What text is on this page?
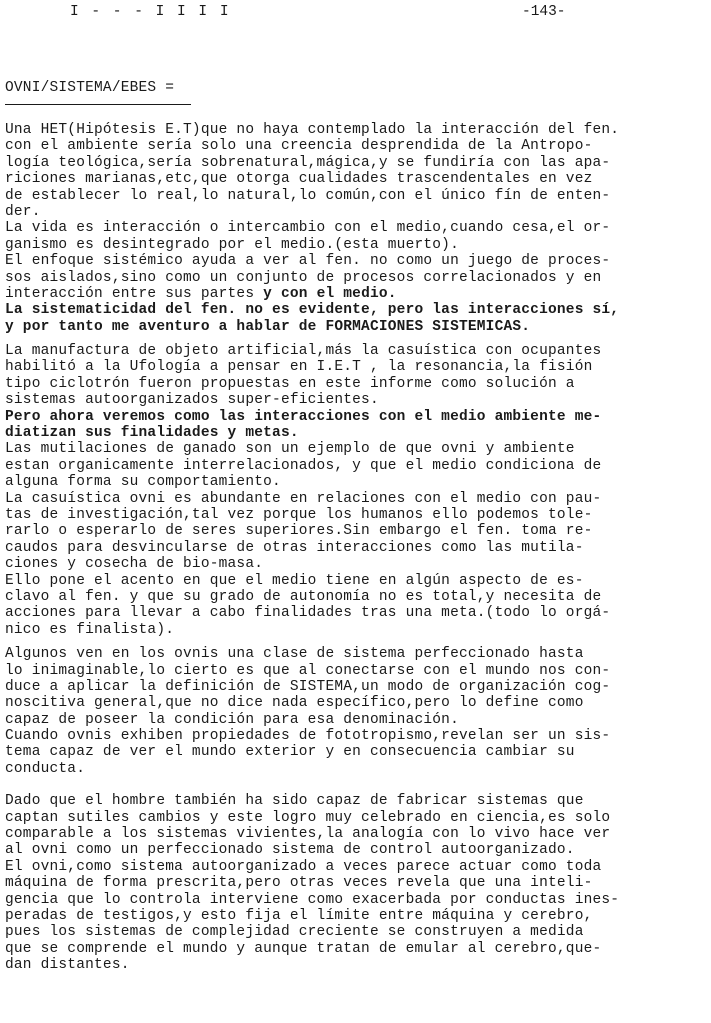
I - - - I I I I	-143-
OVNI/SISTEMA/EBES =
Una HET(Hipótesis E.T)que no haya contemplado la interacción del fen.
con el ambiente sería solo una creencia desprendida de la Antropo-
logía teológica,sería sobrenatural,mágica,y se fundiría con las apa-
riciones marianas,etc,que otorga cualidades trascendentales en vez
de establecer lo real,lo natural,lo común,con el único fín de enten-
der.
La vida es interacción o intercambio con el medio,cuando cesa,el or-
ganismo es desintegrado por el medio.(esta muerto).
El enfoque sistémico ayuda a ver al fen. no como un juego de proces-
sos aislados,sino como un conjunto de procesos correlacionados y en
interacción entre sus partes y con el medio.
La sistematicidad del fen. no es evidente, pero las interacciones sí,
y por tanto me aventuro a hablar de FORMACIONES SISTEMICAS.
La manufactura de objeto artificial,más la casuística con ocupantes
habilitó a la Ufología a pensar en I.E.T , la resonancia,la fisión
tipo ciclotrón fueron propuestas en este informe como solución a
sistemas autoorganizados super-eficientes.
Pero ahora veremos como las interacciones con el medio ambiente me-
diatizan sus finalidades y metas.
Las mutilaciones de ganado son un ejemplo de que ovni y ambiente
estan organicamente interrelacionados, y que el medio condiciona de
alguna forma su comportamiento.
La casuística ovni es abundante en relaciones con el medio con pau-
tas de investigación,tal vez porque los humanos ello podemos tole-
rarlo o esperarlo de seres superiores.Sin embargo el fen. toma re-
caudos para desvincularse de otras interacciones como las mutila-
ciones y cosecha de bio-masa.
Ello pone el acento en que el medio tiene en algún aspecto de es-
clavo al fen. y que su grado de autonomía no es total,y necesita de
acciones para llevar a cabo finalidades tras una meta.(todo lo orgá-
nico es finalista).
Algunos ven en los ovnis una clase de sistema perfeccionado hasta
lo inimaginable,lo cierto es que al conectarse con el mundo nos con-
duce a aplicar la definición de SISTEMA,un modo de organización cog-
noscitiva general,que no dice nada específico,pero lo define como
capaz de poseer la condición para esa denominación.
Cuando ovnis exhiben propiedades de fototropismo,revelan ser un sis-
tema capaz de ver el mundo exterior y en consecuencia cambiar su
conducta.
Dado que el hombre también ha sido capaz de fabricar sistemas que
captan sutiles cambios y este logro muy celebrado en ciencia,es solo
comparable a los sistemas vivientes,la analogía con lo vivo hace ver
al ovni como un perfeccionado sistema de control autoorganizado.
El ovni,como sistema autoorganizado a veces parece actuar como toda
máquina de forma prescrita,pero otras veces revela que una inteli-
gencia que lo controla interviene como exacerbada por conductas ines-
peradas de testigos,y esto fija el límite entre máquina y cerebro,
pues los sistemas de complejidad creciente se construyen a medida
que se comprende el mundo y aunque tratan de emular al cerebro,que-
dan distantes.
